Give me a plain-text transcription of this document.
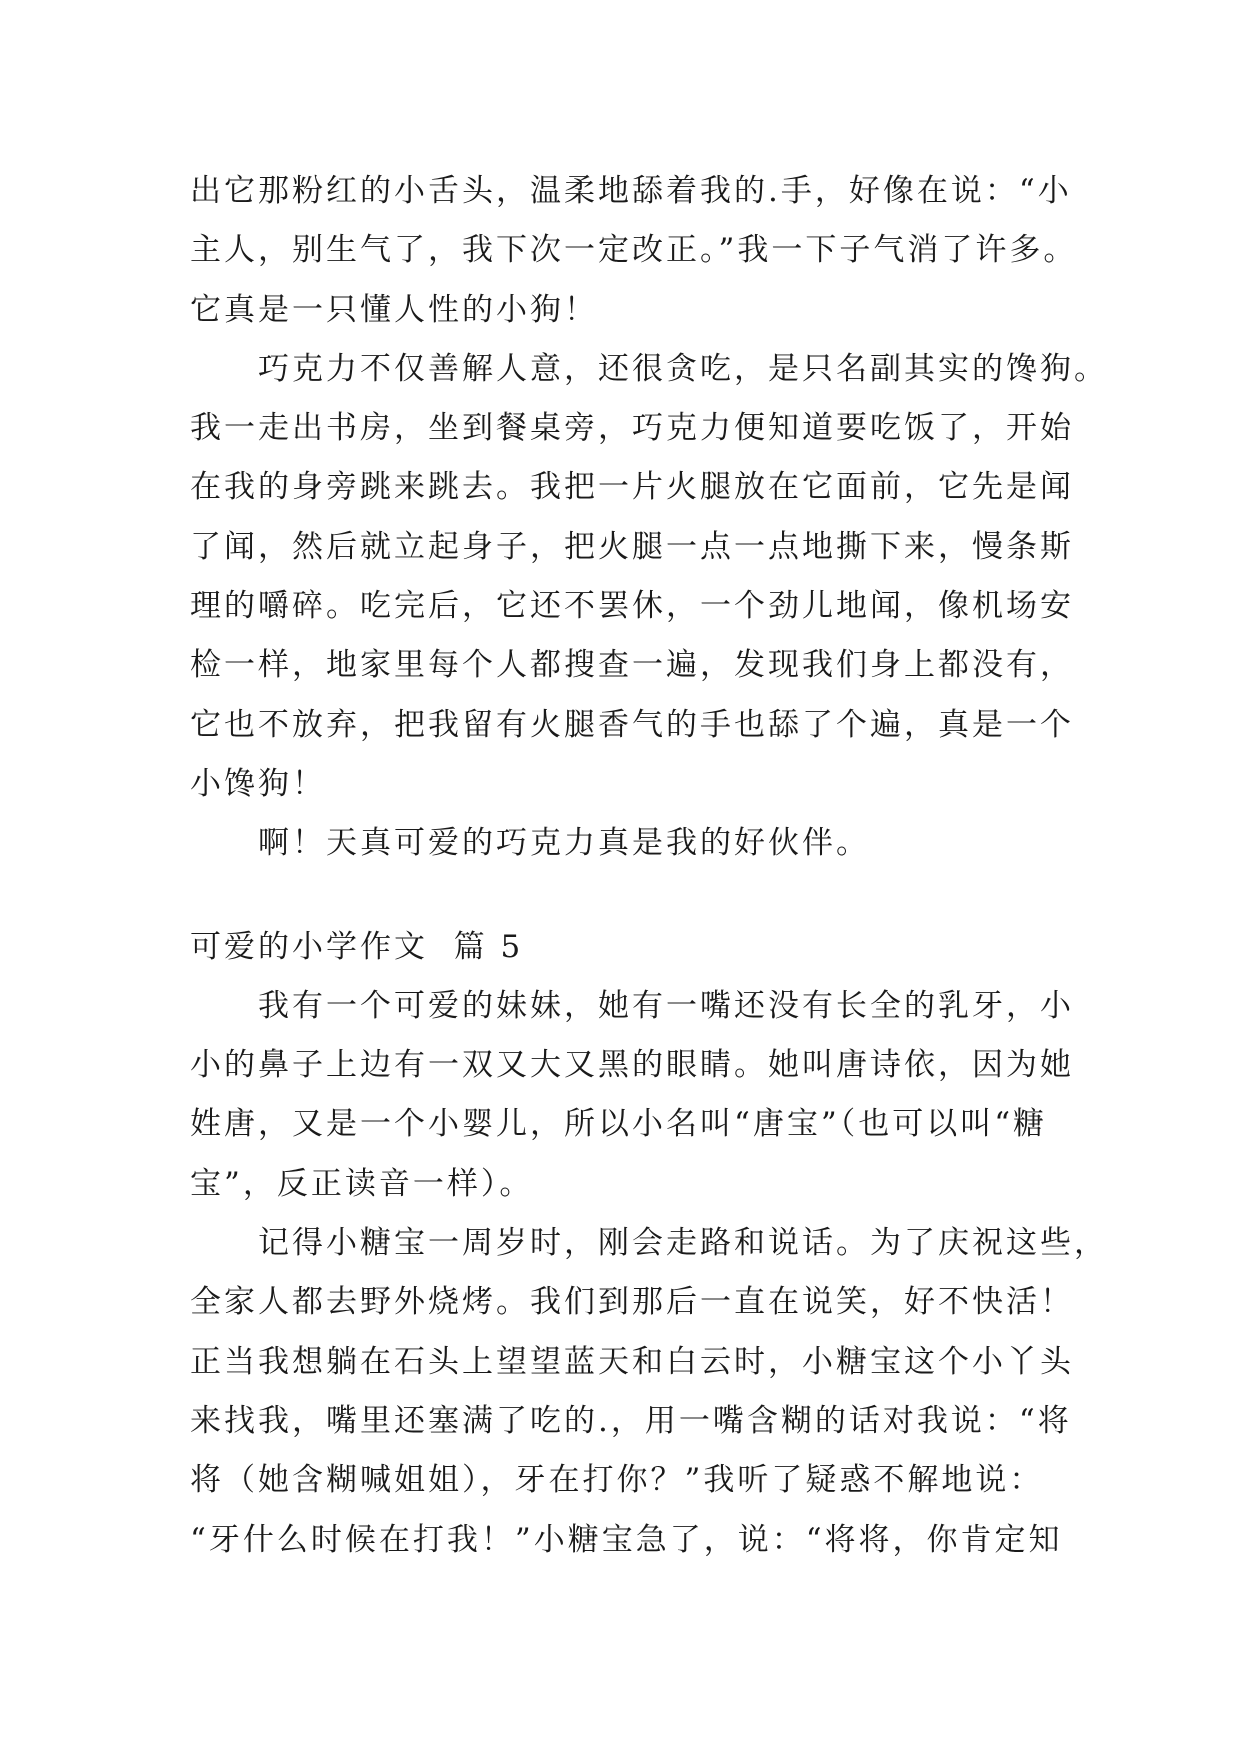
出它那粉红的小舌头，温柔地舔着我的.手，好像在说：“小
主人，别生气了，我下次一定改正。”我一下子气消了许多。
它真是一只懂人性的小狗！
　　巧克力不仅善解人意，还很贪吃，是只名副其实的馋狗。
我一走出书房，坐到餐桌旁，巧克力便知道要吃饭了，开始
在我的身旁跳来跳去。我把一片火腿放在它面前，它先是闻
了闻，然后就立起身子，把火腿一点一点地撕下来，慢条斯
理的嚼碎。吃完后，它还不罢休，一个劲儿地闻，像机场安
检一样，地家里每个人都搜查一遍，发现我们身上都没有，
它也不放弃，把我留有火腿香气的手也舔了个遍，真是一个
小馋狗！
　　啊！天真可爱的巧克力真是我的好伙伴。
可爱的小学作文  篇 5
　　我有一个可爱的妹妹，她有一嘴还没有长全的乳牙，小
小的鼻子上边有一双又大又黑的眼睛。她叫唐诗依，因为她
姓唐，又是一个小婴儿，所以小名叫“唐宝”（也可以叫“糖
宝”，反正读音一样）。
　　记得小糖宝一周岁时，刚会走路和说话。为了庆祝这些，
全家人都去野外烧烤。我们到那后一直在说笑，好不快活！
正当我想躺在石头上望望蓝天和白云时，小糖宝这个小丫头
来找我，嘴里还塞满了吃的.，用一嘴含糊的话对我说：“将
将（她含糊喊姐姐），牙在打你？”我听了疑惑不解地说：
“牙什么时候在打我！”小糖宝急了，说：“将将，你肯定知
